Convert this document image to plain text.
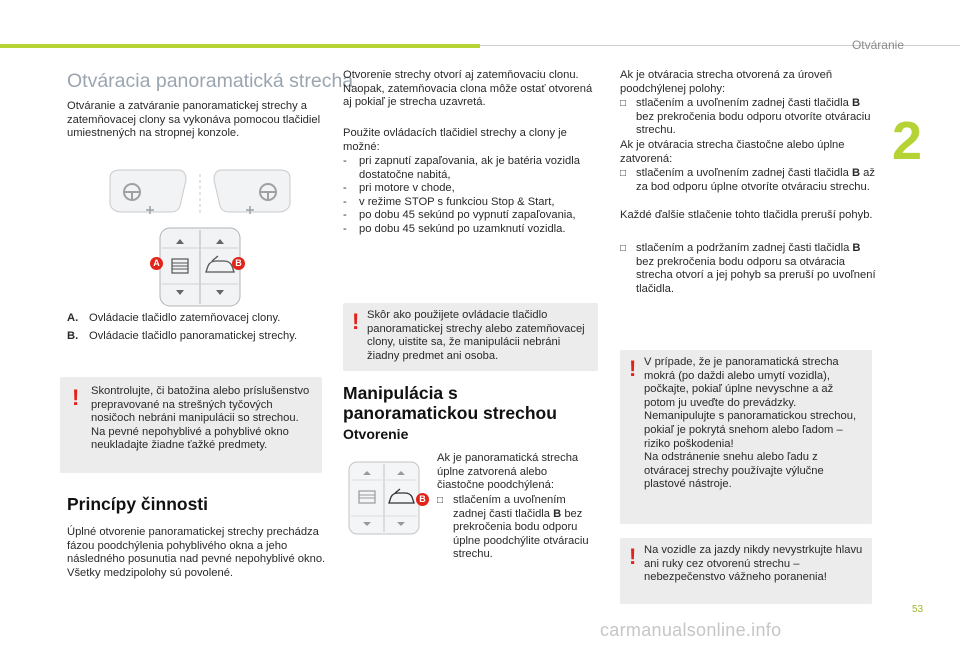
Otváranie
2
Otváracia panoramatická strecha
Otváranie a zatváranie panoramatickej strechy a zatemňovacej clony sa vykonáva pomocou tlačidiel umiestnených na stropnej konzole.
A	B
A. Ovládacie tlačidlo zatemňovacej clony.
B. Ovládacie tlačidlo panoramatickej strechy.
! Skontrolujte, či batožina alebo príslušenstvo prepravované na strešných tyčových nosičoch nebráni manipulácii so strechou.
Na pevné nepohyblivé a pohyblivé okno neukladajte žiadne ťažké predmety.
Princípy činnosti
Úplné otvorenie panoramatickej strechy prechádza fázou poodchýlenia pohyblivého okna a jeho následného posunutia nad pevné nepohyblivé okno.
Všetky medzipolohy sú povolené.
Otvorenie strechy otvorí aj zatemňovaciu clonu. Naopak, zatemňovacia clona môže ostať otvorená aj pokiaľ je strecha uzavretá.
Použite ovládacích tlačidiel strechy a clony je možné:
- pri zapnutí zapaľovania, ak je batéria vozidla dostatočne nabitá,
- pri motore v chode,
- v režime STOP s funkciou Stop & Start,
- po dobu 45 sekúnd po vypnutí zapaľovania,
- po dobu 45 sekúnd po uzamknutí vozidla.
! Skôr ako použijete ovládacie tlačidlo panoramatickej strechy alebo zatemňovacej clony, uistite sa, že manipulácii nebráni žiadny predmet ani osoba.
Manipulácia s panoramatickou strechou
Otvorenie
B
Ak je panoramatická strecha úplne zatvorená alebo čiastočne poodchýlená:
□ stlačením a uvoľnením zadnej časti tlačidla B bez prekročenia bodu odporu úplne poodchýlite otváraciu strechu.
Ak je otváracia strecha otvorená za úroveň poodchýlenej polohy:
□ stlačením a uvoľnením zadnej časti tlačidla B bez prekročenia bodu odporu otvoríte otváraciu strechu.
Ak je otváracia strecha čiastočne alebo úplne zatvorená:
□ stlačením a uvoľnením zadnej časti tlačidla B až za bod odporu úplne otvoríte otváraciu strechu.
Každé ďalšie stlačenie tohto tlačidla preruší pohyb.
□ stlačením a podržaním zadnej časti tlačidla B bez prekročenia bodu odporu sa otváracia strecha otvorí a jej pohyb sa preruší po uvoľnení tlačidla.
! V prípade, že je panoramatická strecha mokrá (po daždi alebo umytí vozidla), počkajte, pokiaľ úplne nevyschne a až potom ju uveďte do prevádzky.
Nemanipulujte s panoramatickou strechou, pokiaľ je pokrytá snehom alebo ľadom – riziko poškodenia!
Na odstránenie snehu alebo ľadu z otváracej strechy používajte výlučne plastové nástroje.
! Na vozidle za jazdy nikdy nevystrkujte hlavu ani ruky cez otvorenú strechu – nebezpečenstvo vážneho poranenia!
53
carmanualsonline.info
